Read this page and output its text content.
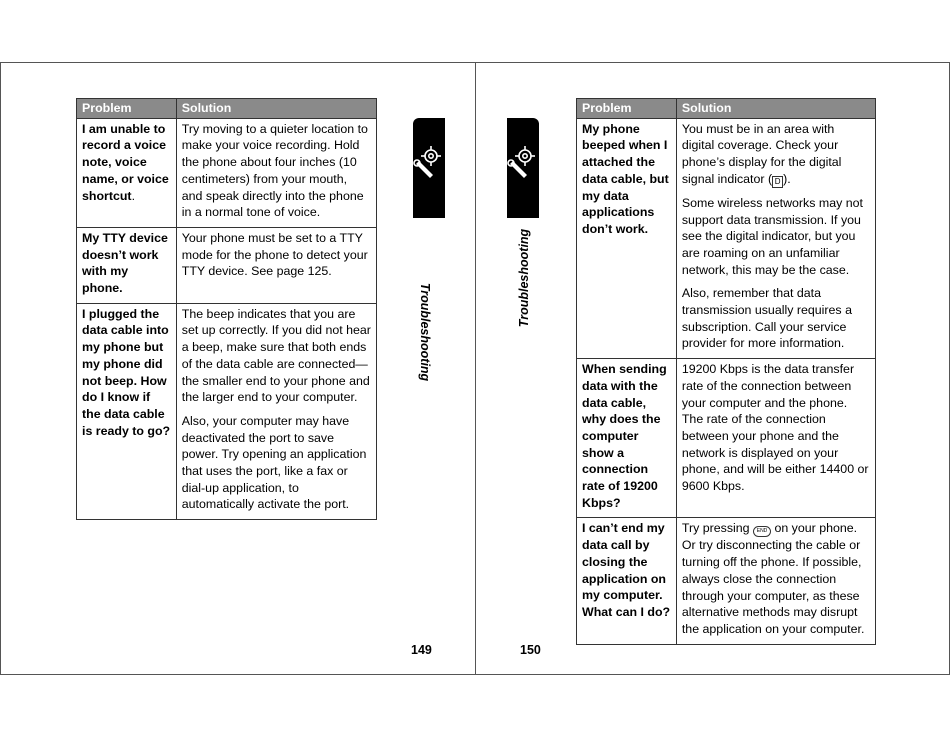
Problem	Solution
I am unable to record a voice note, voice name, or voice shortcut.	Try moving to a quieter location to make your voice recording. Hold the phone about four inches (10 centimeters) from your mouth, and speak directly into the phone in a normal tone of voice.

My TTY device doesn’t work with my phone.	Your phone must be set to a TTY mode for the phone to detect your TTY device. See page 125.

I plugged the data cable into my phone but my phone did not beep. How do I know if the data cable is ready to go?	The beep indicates that you are set up correctly. If you did not hear a beep, make sure that both ends of the data cable are connected—the smaller end to your phone and the larger end to your computer.

Also, your computer may have deactivated the port to save power. Try opening an application that uses the port, like a fax or dial-up application, to automatically activate the port.

Troubleshooting
149
Troubleshooting
Problem	Solution
My phone beeped when I attached the data cable, but my data applications don’t work.	You must be in an area with digital coverage. Check your phone’s display for the digital signal indicator ( D ).

Some wireless networks may not support data transmission. If you see the digital indicator, but you are roaming on an unfamiliar network, this may be the case.

Also, remember that data transmission usually requires a subscription. Call your service provider for more information.

When sending data with the data cable, why does the computer show a connection rate of 19200 Kbps?	19200 Kbps is the data transfer rate of the connection between your computer and the phone. The rate of the connection between your phone and the network is displayed on your phone, and will be either 14400 or 9600 Kbps.

I can’t end my data call by closing the application on my computer. What can I do?	Try pressing END on your phone. Or try disconnecting the cable or turning off the phone. If possible, always close the connection through your computer, as these alternative methods may disrupt the application on your computer.

150
